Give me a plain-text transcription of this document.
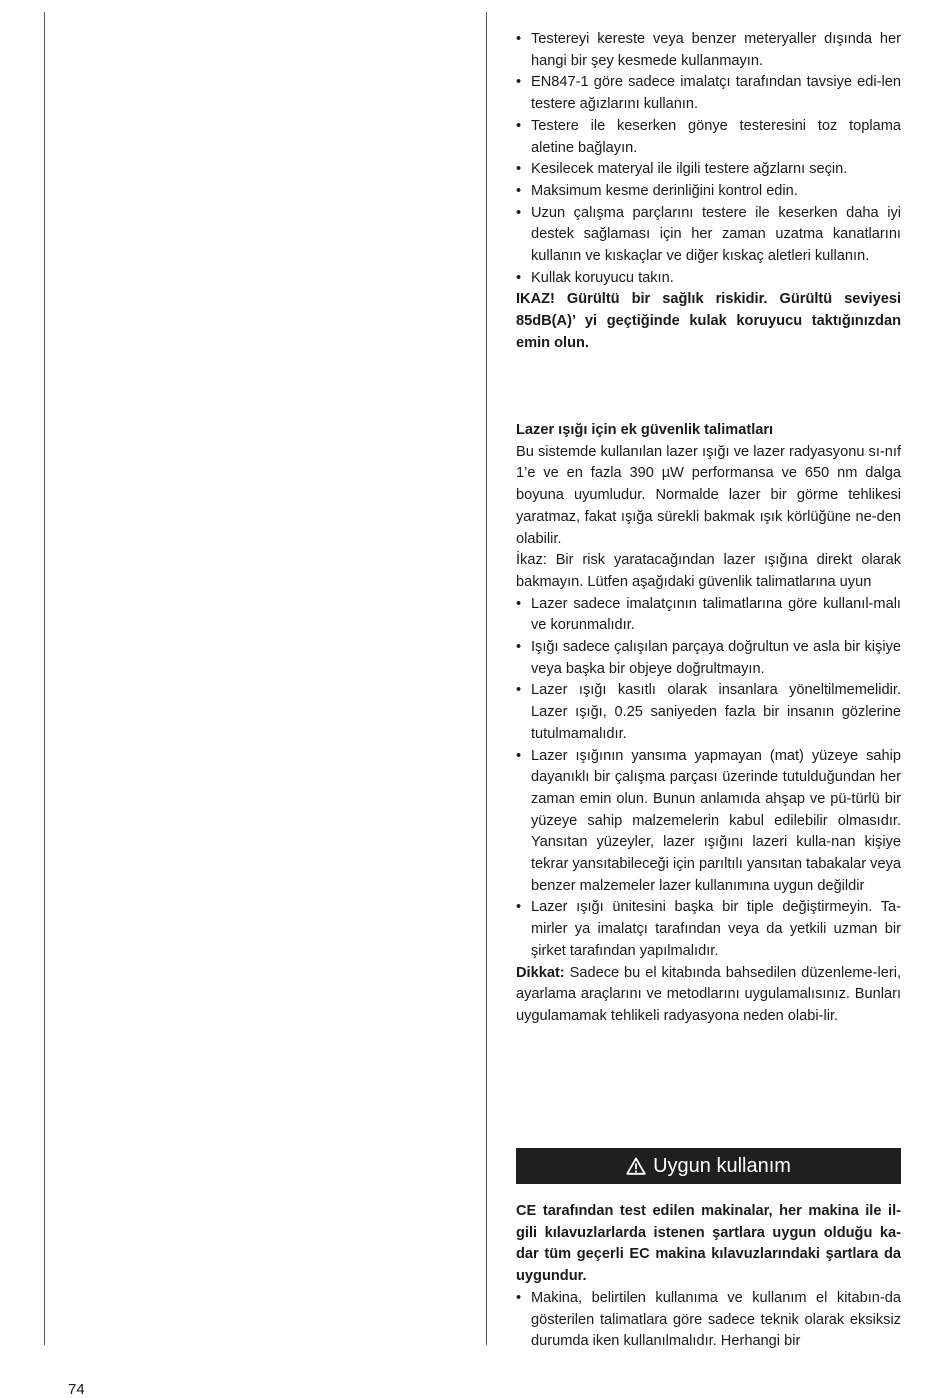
• Testereyi kereste veya benzer meteryaller dışında her hangi bir şey kesmede kullanmayın.

• EN847-1 göre sadece imalatçı tarafından tavsiye edi-len testere ağızlarını kullanın.

• Testere ile keserken gönye testeresini toz toplama aletine bağlayın.

• Kesilecek materyal ile ilgili testere ağzlarnı seçin.

• Maksimum kesme derinliğini kontrol edin.

• Uzun çalışma parçlarını testere ile keserken daha iyi destek sağlaması için her zaman uzatma kanatlarını kullanın ve kıskaçlar ve diğer kıskaç aletleri kullanın.

• Kullak koruyucu takın.

IKAZ! Gürültü bir sağlık riskidir. Gürültü seviyesi 85dB(A)’ yi geçtiğinde kulak koruyucu taktığınızdan emin olun.

Lazer ışığı için ek güvenlik talimatları

Bu sistemde kullanılan lazer ışığı ve lazer radyasyonu sı-nıf 1’e ve en fazla 390 µW performansa ve 650 nm dalga boyuna uyumludur. Normalde lazer bir görme tehlikesi yaratmaz, fakat ışığa sürekli bakmak ışık körlüğüne ne-den olabilir.

İkaz: Bir risk yaratacağından lazer ışığına direkt olarak bakmayın. Lütfen aşağıdaki güvenlik talimatlarına uyun

• Lazer sadece imalatçının talimatlarına göre kullanıl-malı ve korunmalıdır.

• Işığı sadece çalışılan parçaya doğrultun ve asla bir kişiye veya başka bir objeye doğrultmayın.

• Lazer ışığı kasıtlı olarak insanlara yöneltilmemelidir. Lazer ışığı, 0.25 saniyeden fazla bir insanın gözlerine tutulmamalıdır.

• Lazer ışığının yansıma yapmayan (mat) yüzeye sahip dayanıklı bir çalışma parçası üzerinde tutulduğundan her zaman emin olun. Bunun anlamıda ahşap ve pü-türlü bir yüzeye sahip malzemelerin kabul edilebilir olmasıdır. Yansıtan yüzeyler, lazer ışığını lazeri kulla-nan kişiye tekrar yansıtabileceği için parıltılı yansıtan tabakalar veya benzer malzemeler lazer kullanımına uygun değildir

• Lazer ışığı ünitesini başka bir tiple değiştirmeyin. Ta-mirler ya imalatçı tarafından veya da yetkili uzman bir şirket tarafından yapılmalıdır.

Dikkat: Sadece bu el kitabında bahsedilen düzenleme-leri, ayarlama araçlarını ve metodlarını uygulamalısınız. Bunları uygulamamak tehlikeli radyasyona neden olabi-lir.

Uygun kullanım

CE tarafından test edilen makinalar, her makina ile il-gili kılavuzlarlarda istenen şartlara uygun olduğu ka-dar tüm geçerli EC makina kılavuzlarındaki şartlara da uygundur.

• Makina, belirtilen kullanıma ve kullanım el kitabın-da gösterilen talimatlara göre sadece teknik olarak eksiksiz durumda iken kullanılmalıdır. Herhangi bir

74
